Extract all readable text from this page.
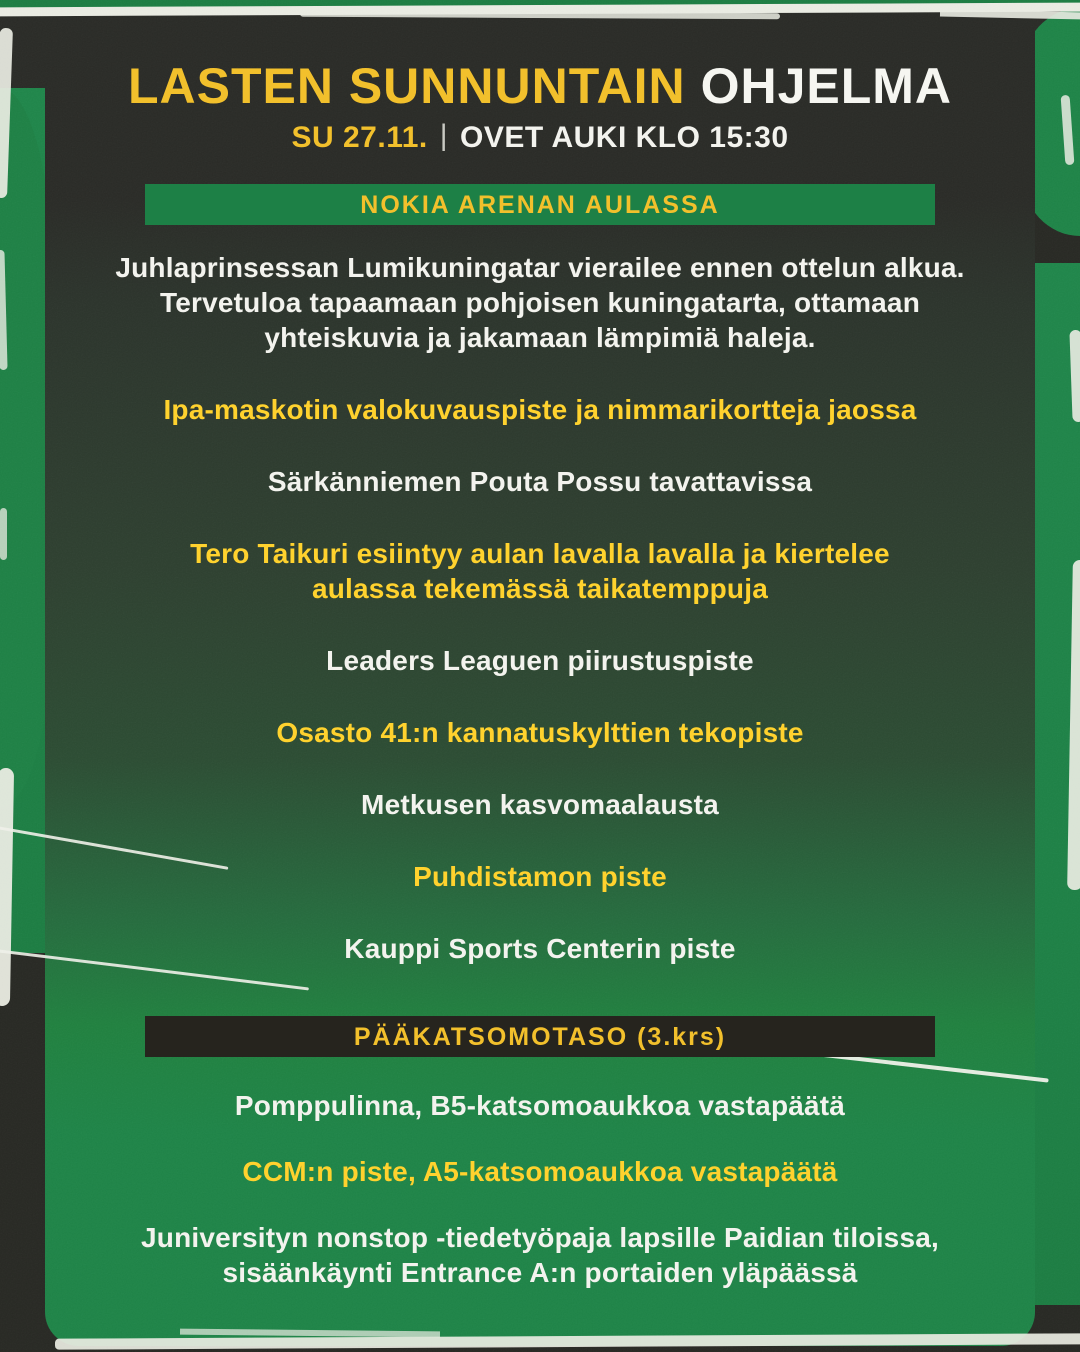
LASTEN SUNNUNTAIN OHJELMA
SU 27.11. | OVET AUKI KLO 15:30
NOKIA ARENAN AULASSA

Juhlaprinsessan Lumikuningatar vierailee ennen ottelun alkua. Tervetuloa tapaamaan pohjoisen kuningatarta, ottamaan yhteiskuvia ja jakamaan lämpimiä haleja.

Ipa-maskotin valokuvauspiste ja nimmarikortteja jaossa

Särkänniemen Pouta Possu tavattavissa

Tero Taikuri esiintyy aulan lavalla lavalla ja kiertelee aulassa tekemässä taikatemppuja

Leaders Leaguen piirustuspiste

Osasto 41:n kannatuskylttien tekopiste

Metkusen kasvomaalausta

Puhdistamon piste

Kauppi Sports Centerin piste

PÄÄKATSOMOTASO (3.krs)

Pomppulinna, B5-katsomoaukkoa vastapäätä

CCM:n piste, A5-katsomoaukkoa vastapäätä

Juniversityn nonstop -tiedetyöpaja lapsille Paidian tiloissa, sisäänkäynti Entrance A:n portaiden yläpäässä
